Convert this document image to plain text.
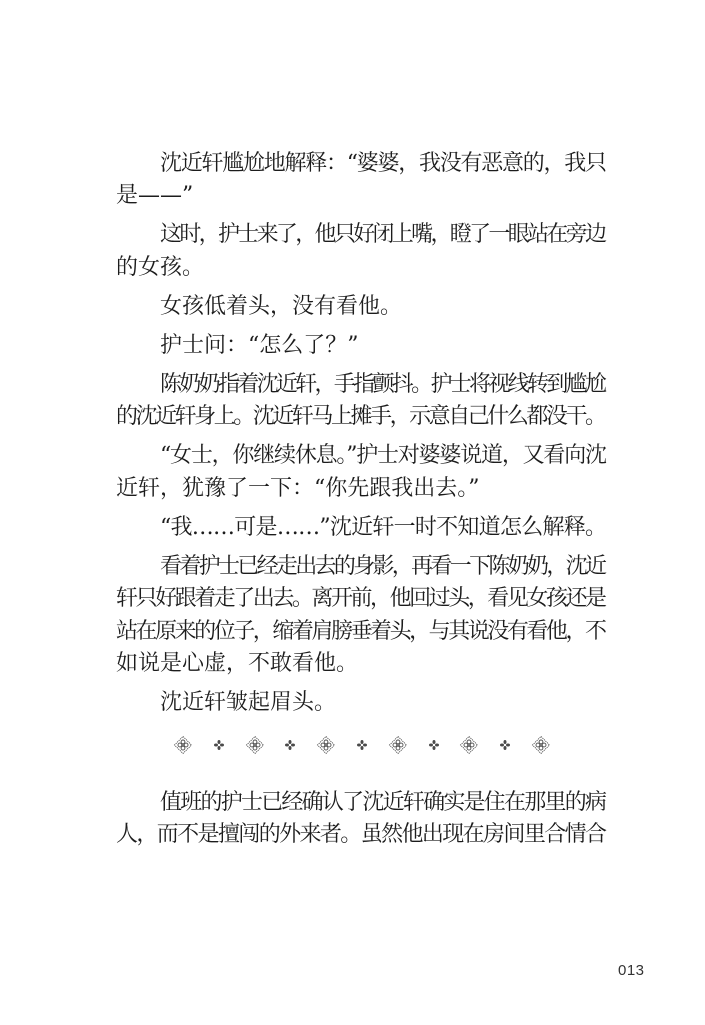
沈近轩尴尬地解释：“婆婆，我没有恶意的，我只
是——”
这时，护士来了，他只好闭上嘴，瞪了一眼站在旁边
的女孩。
女孩低着头，没有看他。
护士问：“怎么了？”
陈奶奶指着沈近轩，手指颤抖。护士将视线转到尴尬
的沈近轩身上。沈近轩马上摊手，示意自己什么都没干。
“女士，你继续休息。”护士对婆婆说道，又看向沈
近轩，犹豫了一下：“你先跟我出去。”
“我……可是……”沈近轩一时不知道怎么解释。
看着护士已经走出去的身影，再看一下陈奶奶，沈近
轩只好跟着走了出去。离开前，他回过头，看见女孩还是
站在原来的位子，缩着肩膀垂着头，与其说没有看他，不
如说是心虚，不敢看他。
沈近轩皱起眉头。
值班的护士已经确认了沈近轩确实是住在那里的病
人，而不是擅闯的外来者。虽然他出现在房间里合情合
013
